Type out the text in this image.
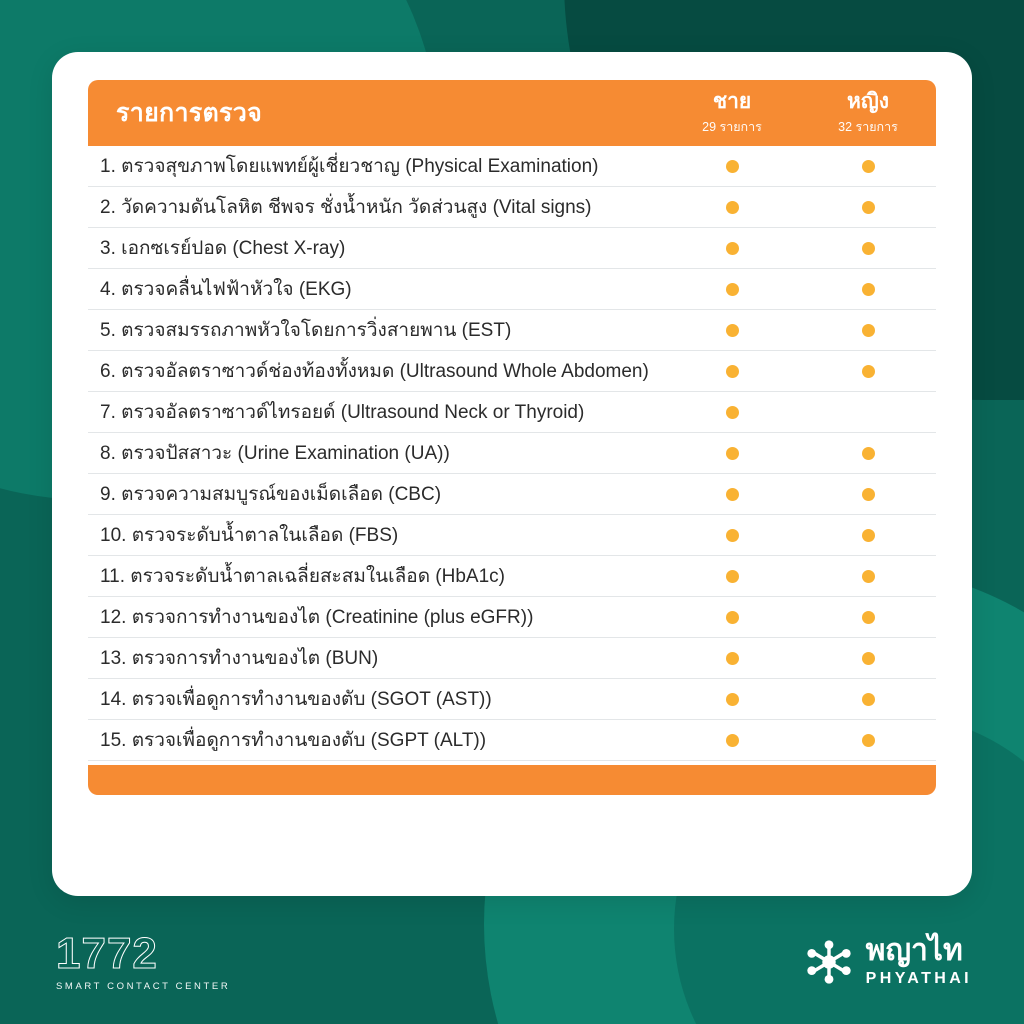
รายการตรวจ	ชาย
29 รายการ
หญิง
32 รายการ
1. ตรวจสุขภาพโดยแพทย์ผู้เชี่ยวชาญ (Physical Examination)
2. วัดความดันโลหิต ชีพจร ชั่งน้ำหนัก วัดส่วนสูง (Vital signs)
3. เอกซเรย์ปอด (Chest X-ray)
4. ตรวจคลื่นไฟฟ้าหัวใจ (EKG)
5. ตรวจสมรรถภาพหัวใจโดยการวิ่งสายพาน (EST)
6. ตรวจอัลตราซาวด์ช่องท้องทั้งหมด (Ultrasound Whole Abdomen)
7. ตรวจอัลตราซาวด์ไทรอยด์ (Ultrasound Neck or Thyroid)
8. ตรวจปัสสาวะ (Urine Examination (UA))
9. ตรวจความสมบูรณ์ของเม็ดเลือด (CBC)
10. ตรวจระดับน้ำตาลในเลือด (FBS)
11. ตรวจระดับน้ำตาลเฉลี่ยสะสมในเลือด (HbA1c)
12. ตรวจการทำงานของไต (Creatinine (plus eGFR))
13. ตรวจการทำงานของไต (BUN)
14. ตรวจเพื่อดูการทำงานของตับ (SGOT (AST))
15. ตรวจเพื่อดูการทำงานของตับ (SGPT (ALT))
1772
SMART CONTACT CENTER
พญาไท
PHYATHAI
